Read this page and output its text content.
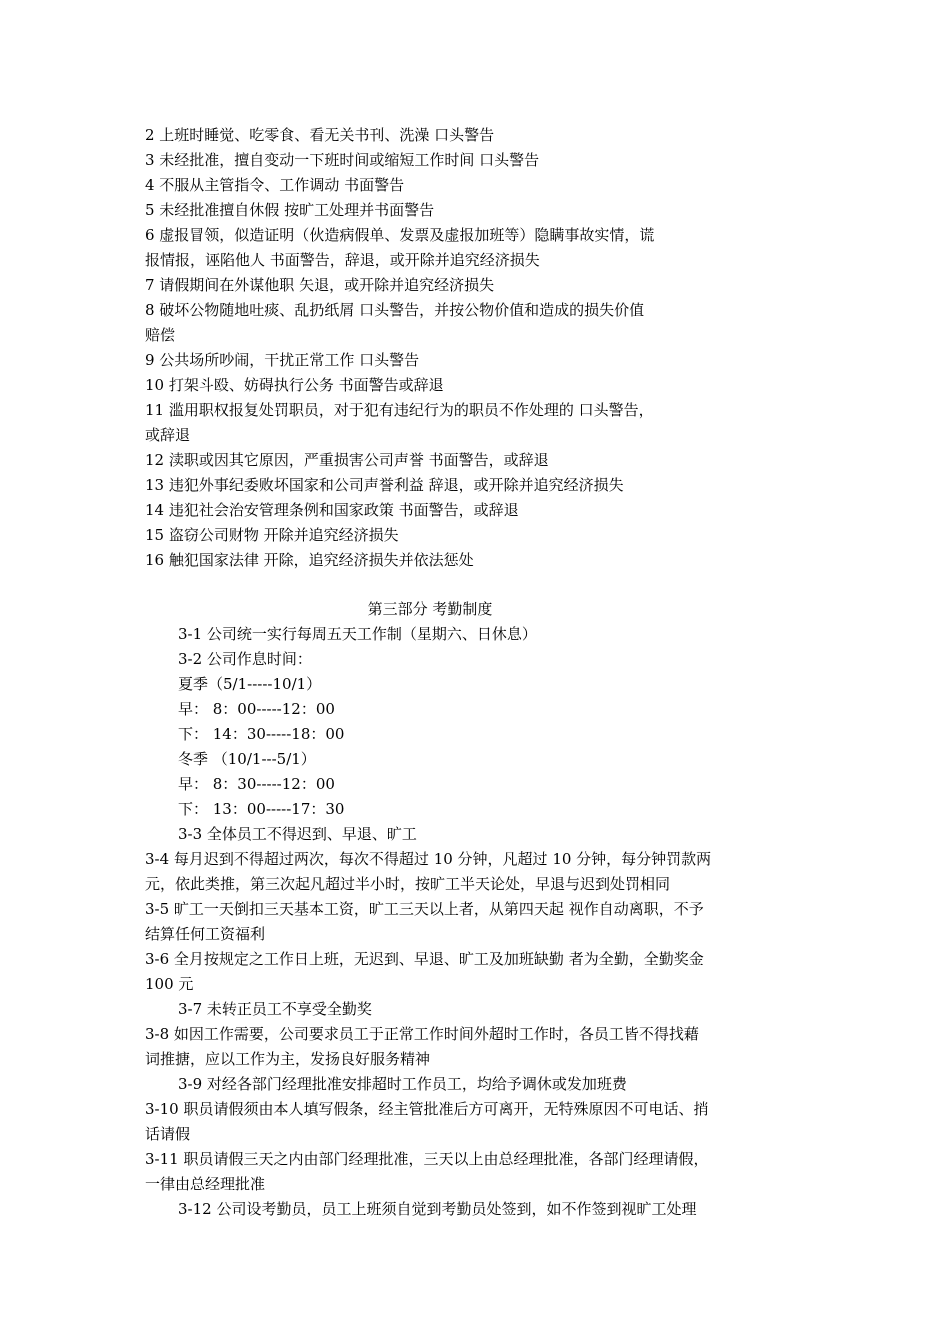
2 上班时睡觉、吃零食、看无关书刊、洗澡 口头警告
3 未经批准，擅自变动一下班时间或缩短工作时间 口头警告
4 不服从主管指令、工作调动 书面警告
5 未经批准擅自休假 按旷工处理并书面警告
6 虚报冒领，似造证明（伙造病假单、发票及虚报加班等）隐瞒事故实情，谎
报情报，诬陷他人 书面警告，辞退，或开除并追究经济损失
7 请假期间在外谋他职 矢退，或开除并追究经济损失
8 破坏公物随地吐痰、乱扔纸屑 口头警告，并按公物价值和造成的损失价值
赔偿
9 公共场所吵闹，干扰正常工作 口头警告
10 打架斗殴、妨碍执行公务 书面警告或辞退
11 滥用职权报复处罚职员，对于犯有违纪行为的职员不作处理的 口头警告，
或辞退
12 渎职或因其它原因，严重损害公司声誉 书面警告，或辞退
13 违犯外事纪委败坏国家和公司声誉利益 辞退，或开除并追究经济损失
14 违犯社会治安管理条例和国家政策 书面警告，或辞退
15 盗窃公司财物 开除并追究经济损失
16 触犯国家法律 开除，追究经济损失并依法惩处
第三部分 考勤制度
3-1 公司统一实行每周五天工作制（星期六、日休息）
3-2 公司作息时间：
夏季（5/1-----10/1）
早： 8：00-----12：00
下： 14：30-----18：00
冬季 （10/1---5/1）
早： 8：30-----12：00
下： 13：00-----17：30
3-3 全体员工不得迟到、早退、旷工
3-4 每月迟到不得超过两次，每次不得超过 10 分钟，凡超过 10 分钟，每分钟罚款两
元，依此类推，第三次起凡超过半小时，按旷工半天论处，早退与迟到处罚相同
3-5 旷工一天倒扣三天基本工资，旷工三天以上者，从第四天起 视作自动离职，不予
结算任何工资福利
3-6 全月按规定之工作日上班，无迟到、早退、旷工及加班缺勤 者为全勤，全勤奖金
100 元
3-7 未转正员工不享受全勤奖
3-8 如因工作需要，公司要求员工于正常工作时间外超时工作时，各员工皆不得找藉
词推搪，应以工作为主，发扬良好服务精神
3-9 对经各部门经理批准安排超时工作员工，均给予调休或发加班费
3-10 职员请假须由本人填写假条，经主管批准后方可离开，无特殊原因不可电话、捎
话请假
3-11 职员请假三天之内由部门经理批准，三天以上由总经理批准，各部门经理请假，
一律由总经理批准
3-12 公司设考勤员，员工上班须自觉到考勤员处签到，如不作签到视旷工处理
